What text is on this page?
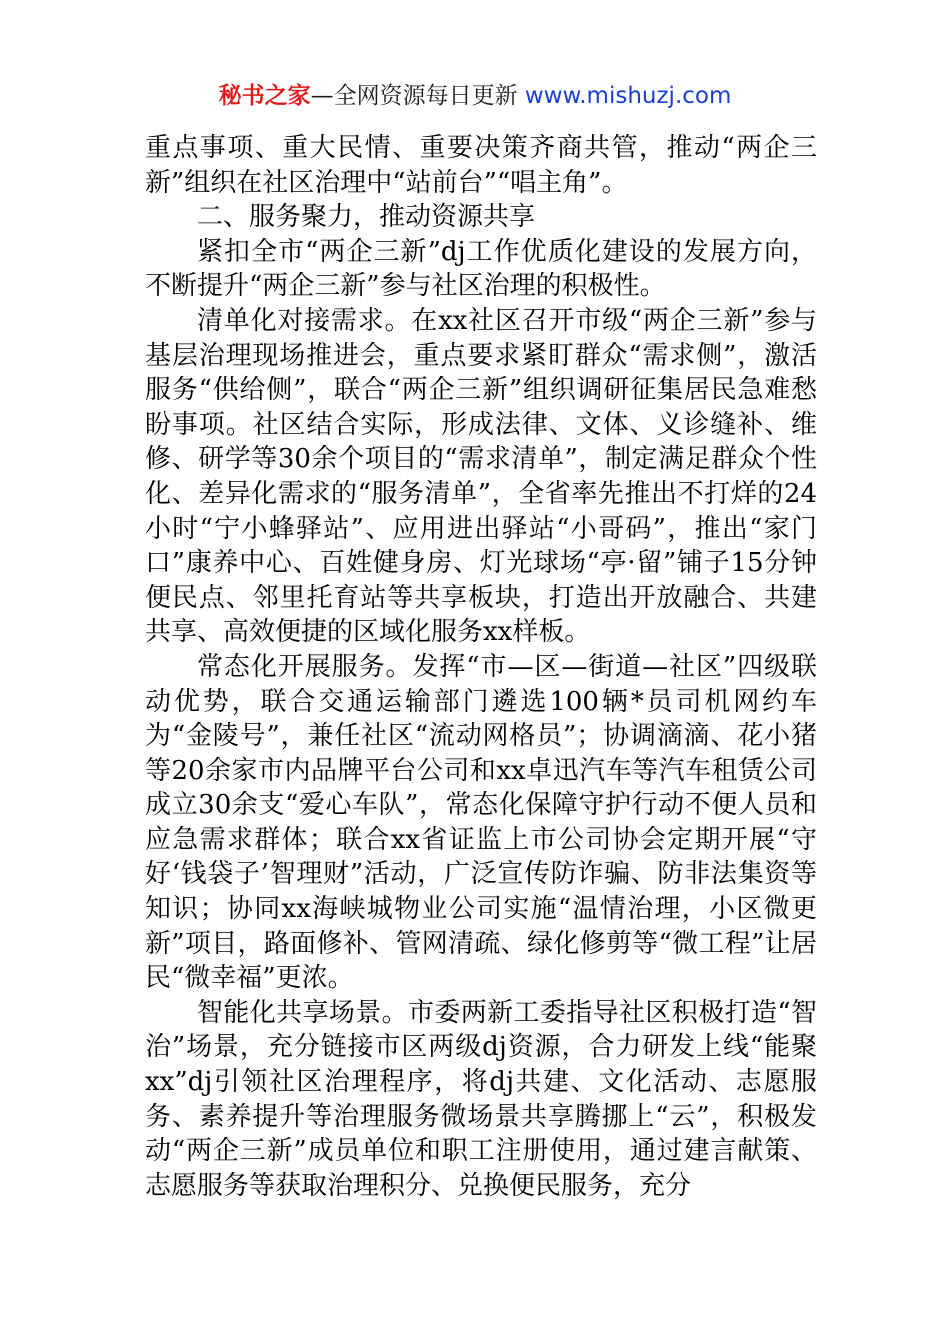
秘书之家—全网资源每日更新 www.mishuzj.com

重点事项、重大民情、重要决策齐商共管，推动“两企三新”组织在社区治理中“站前台”“唱主角”。

二、服务聚力，推动资源共享

紧扣全市“两企三新”dj工作优质化建设的发展方向，不断提升“两企三新”参与社区治理的积极性。

清单化对接需求。在xx社区召开市级“两企三新”参与基层治理现场推进会，重点要求紧盯群众“需求侧”，激活服务“供给侧”，联合“两企三新”组织调研征集居民急难愁盼事项。社区结合实际，形成法律、文体、义诊缝补、维修、研学等30余个项目的“需求清单”，制定满足群众个性化、差异化需求的“服务清单”，全省率先推出不打烊的24小时“宁小蜂驿站”、应用进出驿站“小哥码”，推出“家门口”康养中心、百姓健身房、灯光球场“亭·留”铺子15分钟便民点、邻里托育站等共享板块，打造出开放融合、共建共享、高效便捷的区域化服务xx样板。

常态化开展服务。发挥“市—区—街道—社区”四级联动优势，联合交通运输部门遴选100辆*员司机网约车为“金陵号”，兼任社区“流动网格员”；协调滴滴、花小猪等20余家市内品牌平台公司和xx卓迅汽车等汽车租赁公司成立30余支“爱心车队”，常态化保障守护行动不便人员和应急需求群体；联合xx省证监上市公司协会定期开展“守好‘钱袋子’智理财”活动，广泛宣传防诈骗、防非法集资等知识；协同xx海峡城物业公司实施“温情治理，小区微更新”项目，路面修补、管网清疏、绿化修剪等“微工程”让居民“微幸福”更浓。

智能化共享场景。市委两新工委指导社区积极打造“智治”场景，充分链接市区两级dj资源，合力研发上线“能聚xx”dj引领社区治理程序，将dj共建、文化活动、志愿服务、素养提升等治理服务微场景共享腾挪上“云”，积极发动“两企三新”成员单位和职工注册使用，通过建言献策、志愿服务等获取治理积分、兑换便民服务，充分
